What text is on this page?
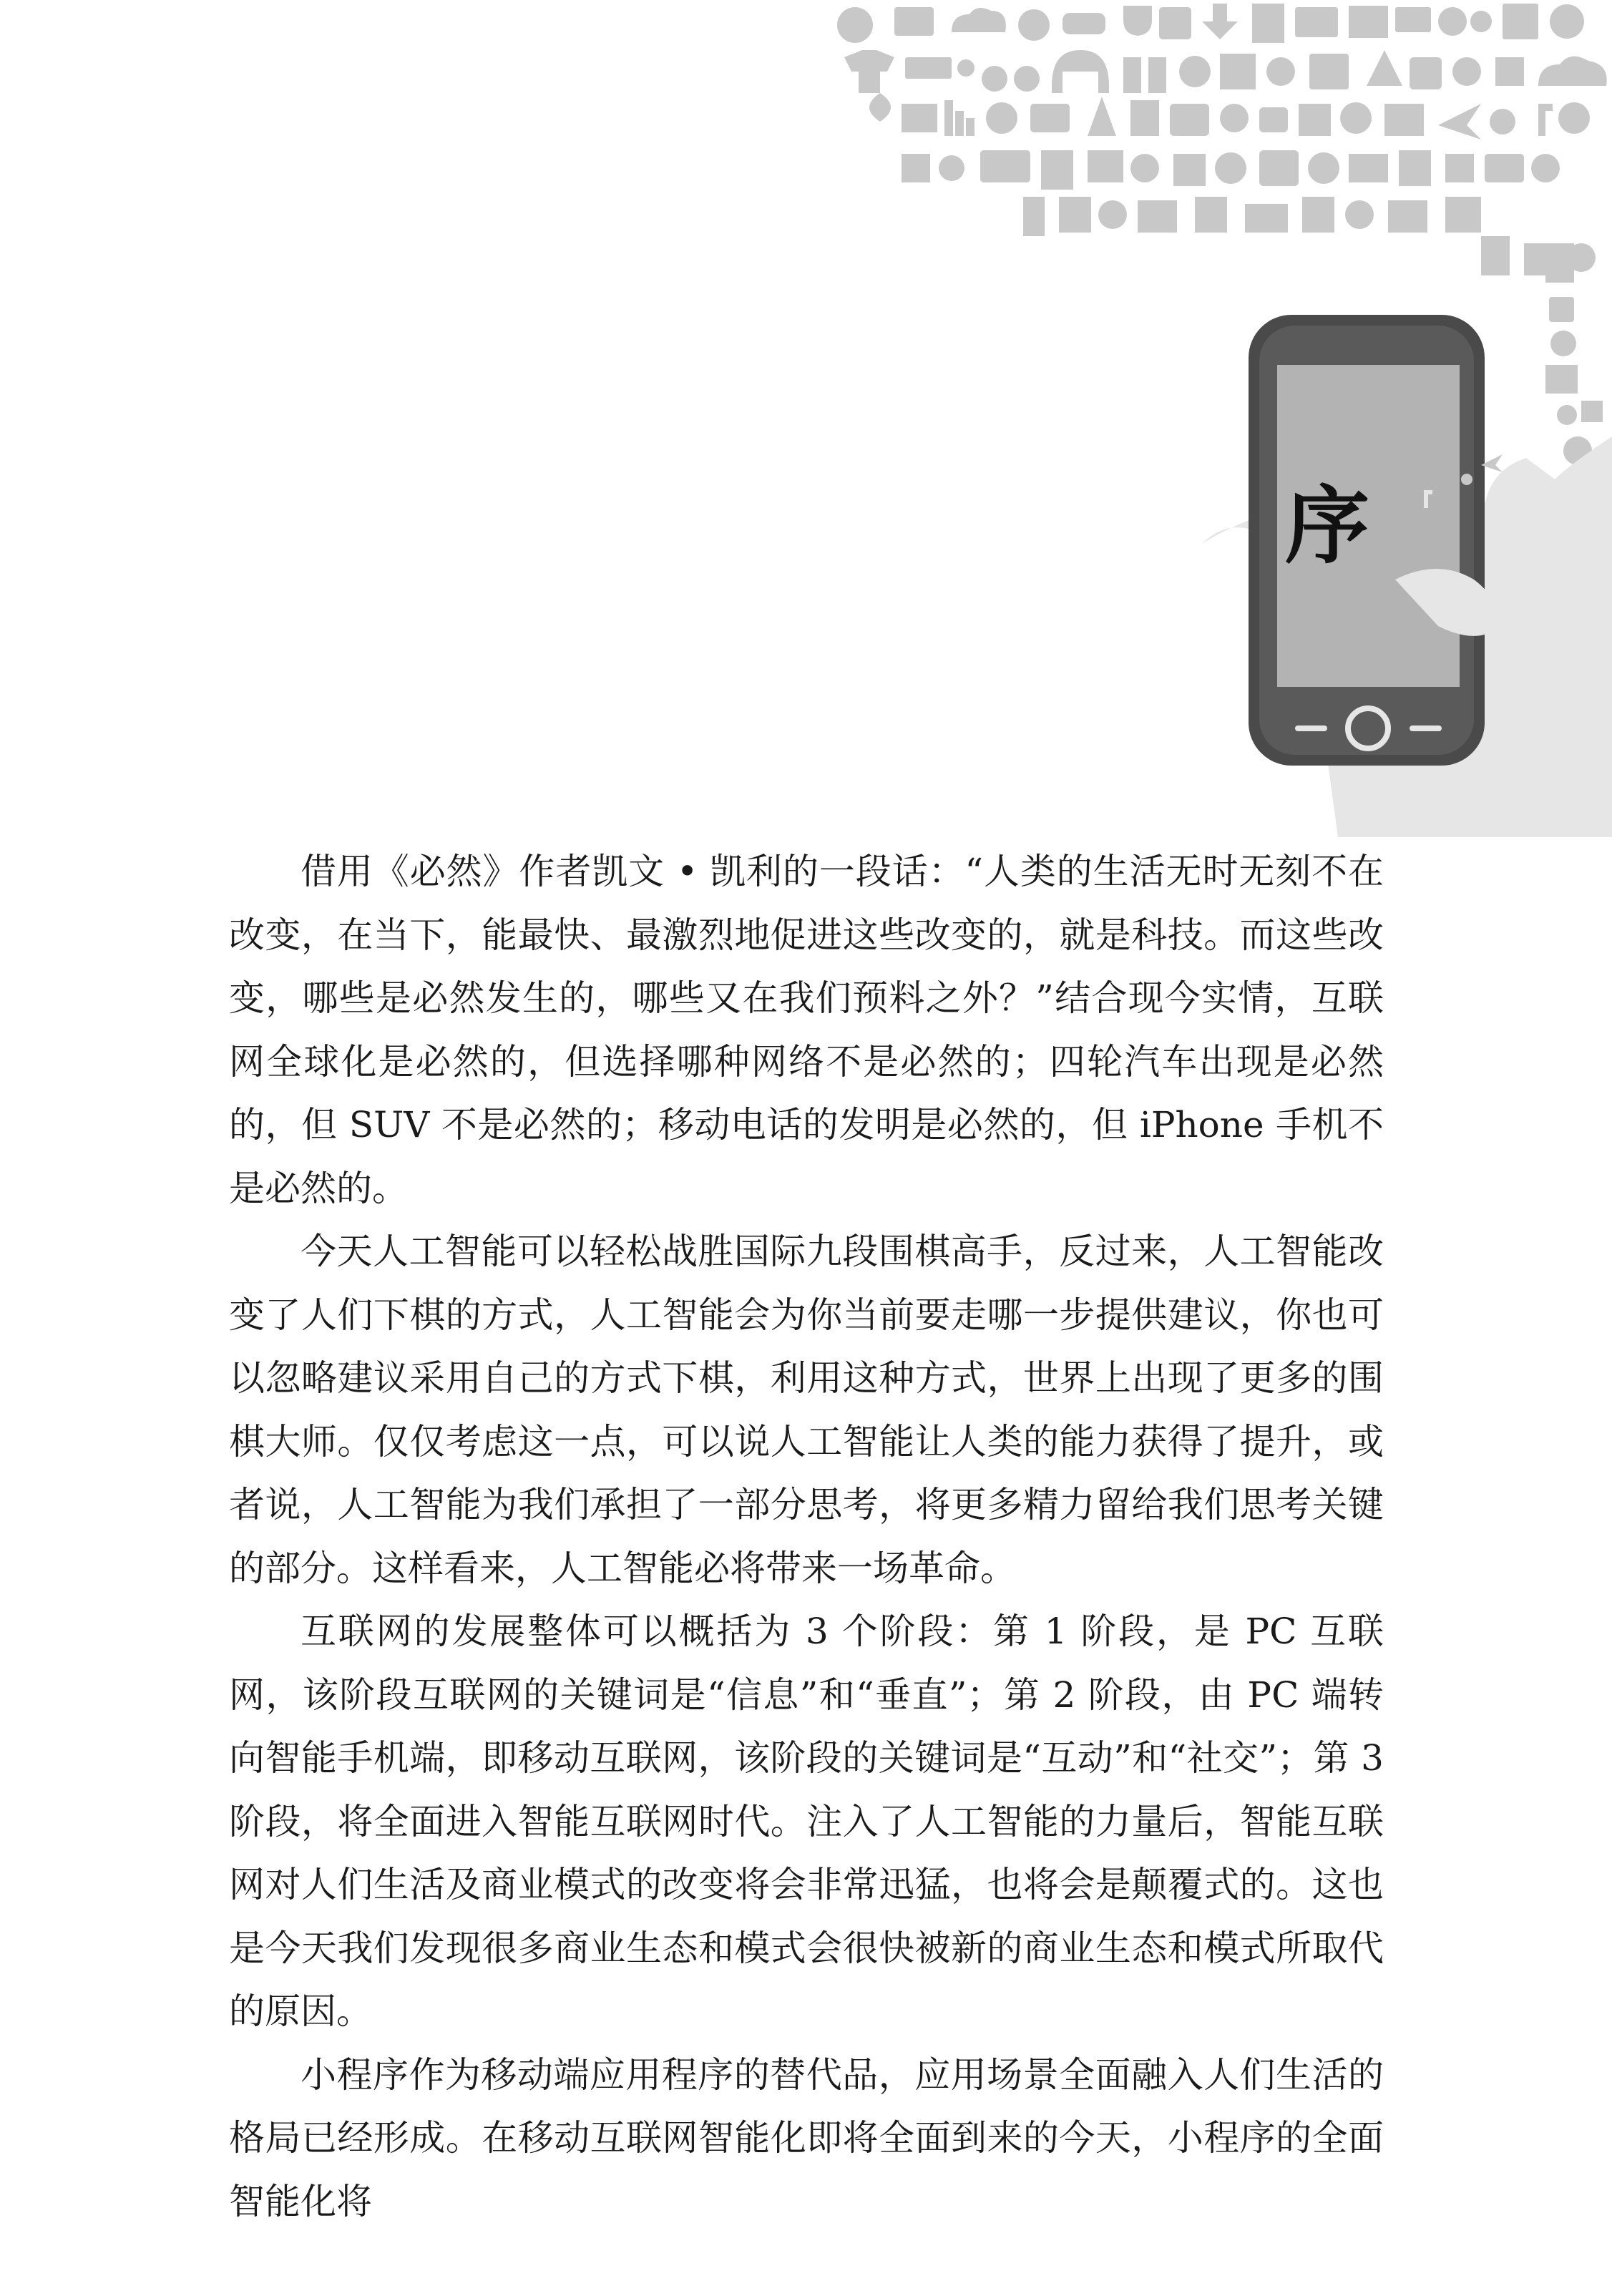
序

借用《必然》作者凯文 • 凯利的一段话：“人类的生活无时无刻不在改变，在当下，能最快、最激烈地促进这些改变的，就是科技。而这些改变，哪些是必然发生的，哪些又在我们预料之外？”结合现今实情，互联网全球化是必然的，但选择哪种网络不是必然的；四轮汽车出现是必然的，但 SUV 不是必然的；移动电话的发明是必然的，但 iPhone 手机不是必然的。

今天人工智能可以轻松战胜国际九段围棋高手，反过来，人工智能改变了人们下棋的方式，人工智能会为你当前要走哪一步提供建议，你也可以忽略建议采用自己的方式下棋，利用这种方式，世界上出现了更多的围棋大师。仅仅考虑这一点，可以说人工智能让人类的能力获得了提升，或者说，人工智能为我们承担了一部分思考，将更多精力留给我们思考关键的部分。这样看来，人工智能必将带来一场革命。

互联网的发展整体可以概括为 3 个阶段：第 1 阶段，是 PC 互联网，该阶段互联网的关键词是“信息”和“垂直”；第 2 阶段，由 PC 端转向智能手机端，即移动互联网，该阶段的关键词是“互动”和“社交”；第 3 阶段，将全面进入智能互联网时代。注入了人工智能的力量后，智能互联网对人们生活及商业模式的改变将会非常迅猛，也将会是颠覆式的。这也是今天我们发现很多商业生态和模式会很快被新的商业生态和模式所取代的原因。

小程序作为移动端应用程序的替代品，应用场景全面融入人们生活的格局已经形成。在移动互联网智能化即将全面到来的今天，小程序的全面智能化将
